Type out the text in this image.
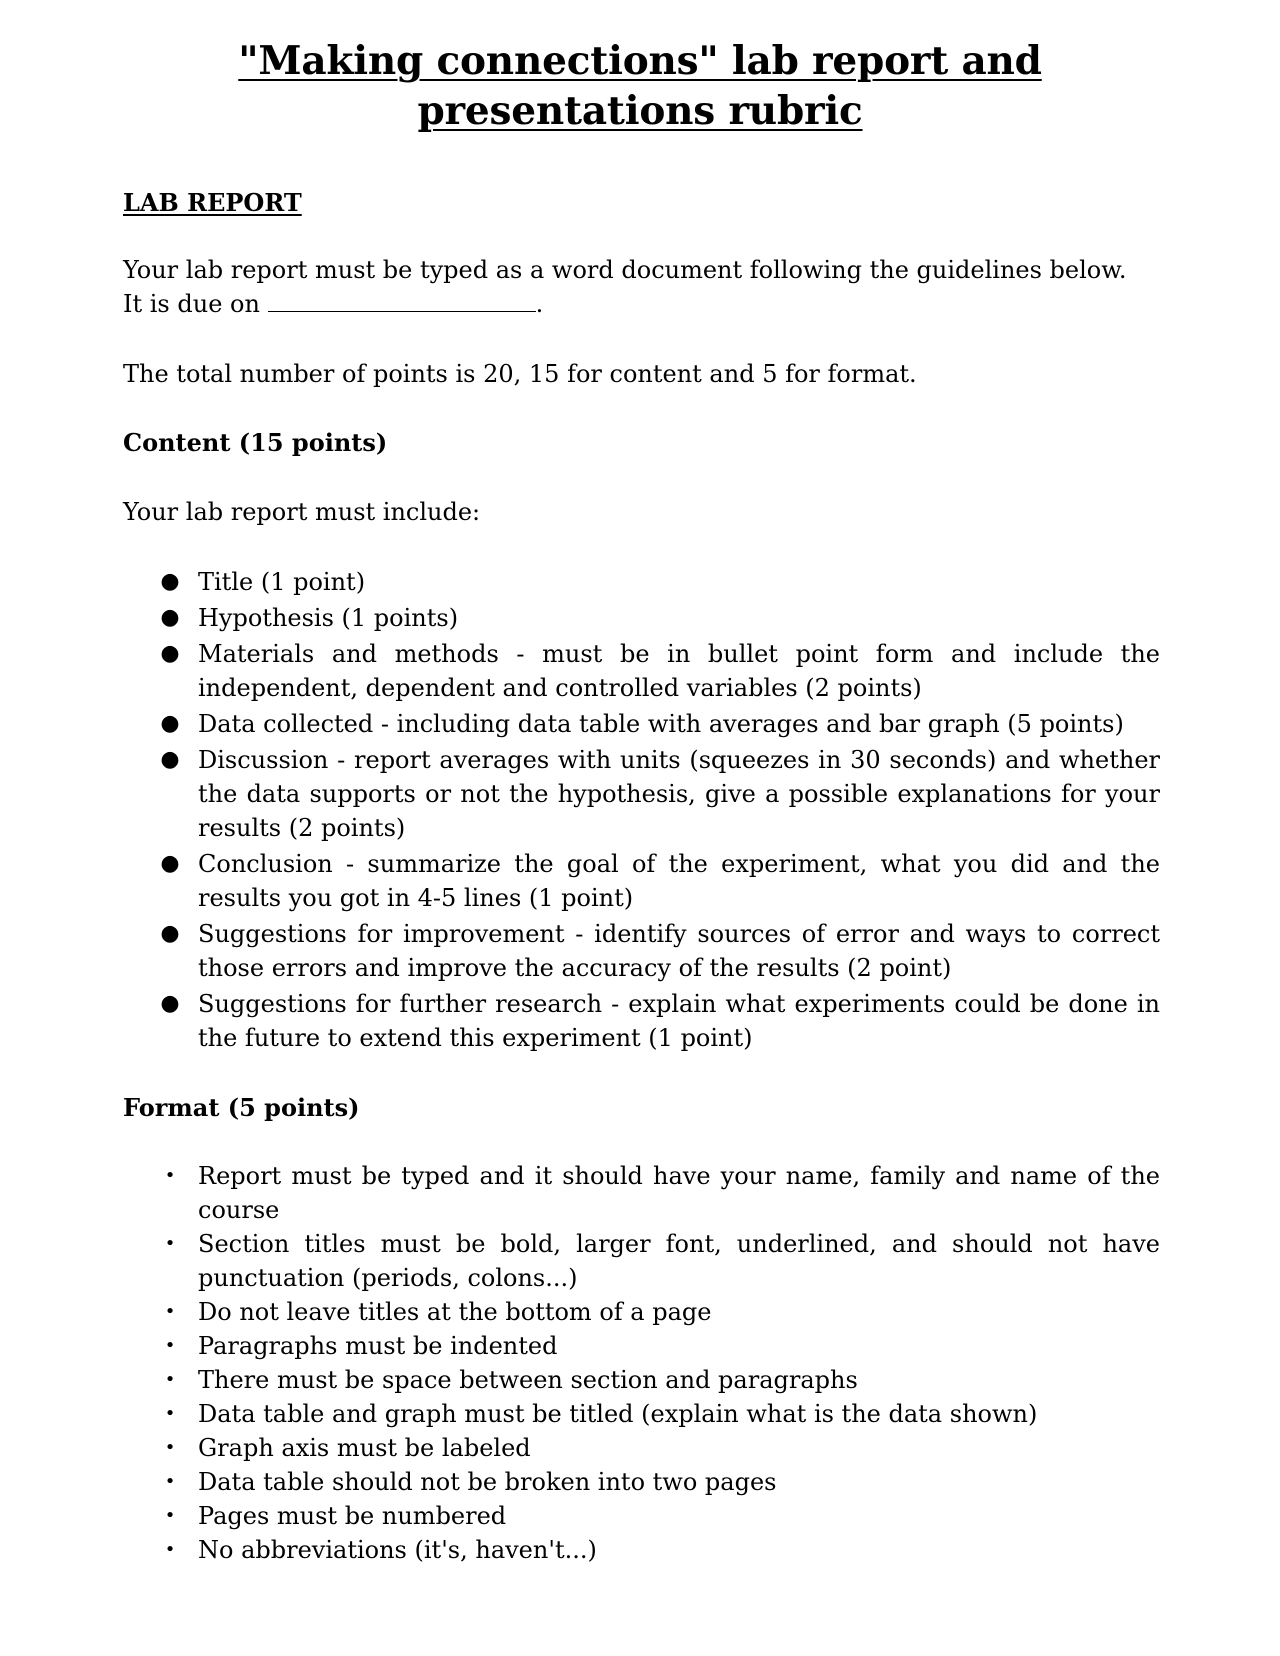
"Making connections" lab report and presentations rubric
LAB REPORT
Your lab report must be typed as a word document following the guidelines below.
It is due on	.
The total number of points is 20, 15 for content and 5 for format.
Content (15 points)
Your lab report must include:
● Title (1 point)
● Hypothesis (1 points)
● Materials and methods - must be in bullet point form and include the independent, dependent and controlled variables (2 points)
● Data collected - including data table with averages and bar graph (5 points)
● Discussion - report averages with units (squeezes in 30 seconds) and whether the data supports or not the hypothesis, give a possible explanations for your results (2 points)
● Conclusion - summarize the goal of the experiment, what you did and the results you got in 4-5 lines (1 point)
● Suggestions for improvement - identify sources of error and ways to correct those errors and improve the accuracy of the results (2 point)
● Suggestions for further research - explain what experiments could be done in the future to extend this experiment (1 point)
Format (5 points)
• Report must be typed and it should have your name, family and name of the course
• Section titles must be bold, larger font, underlined, and should not have punctuation (periods, colons...)
• Do not leave titles at the bottom of a page
• Paragraphs must be indented
• There must be space between section and paragraphs
• Data table and graph must be titled (explain what is the data shown)
• Graph axis must be labeled
• Data table should not be broken into two pages
• Pages must be numbered
• No abbreviations (it's, haven't...)
